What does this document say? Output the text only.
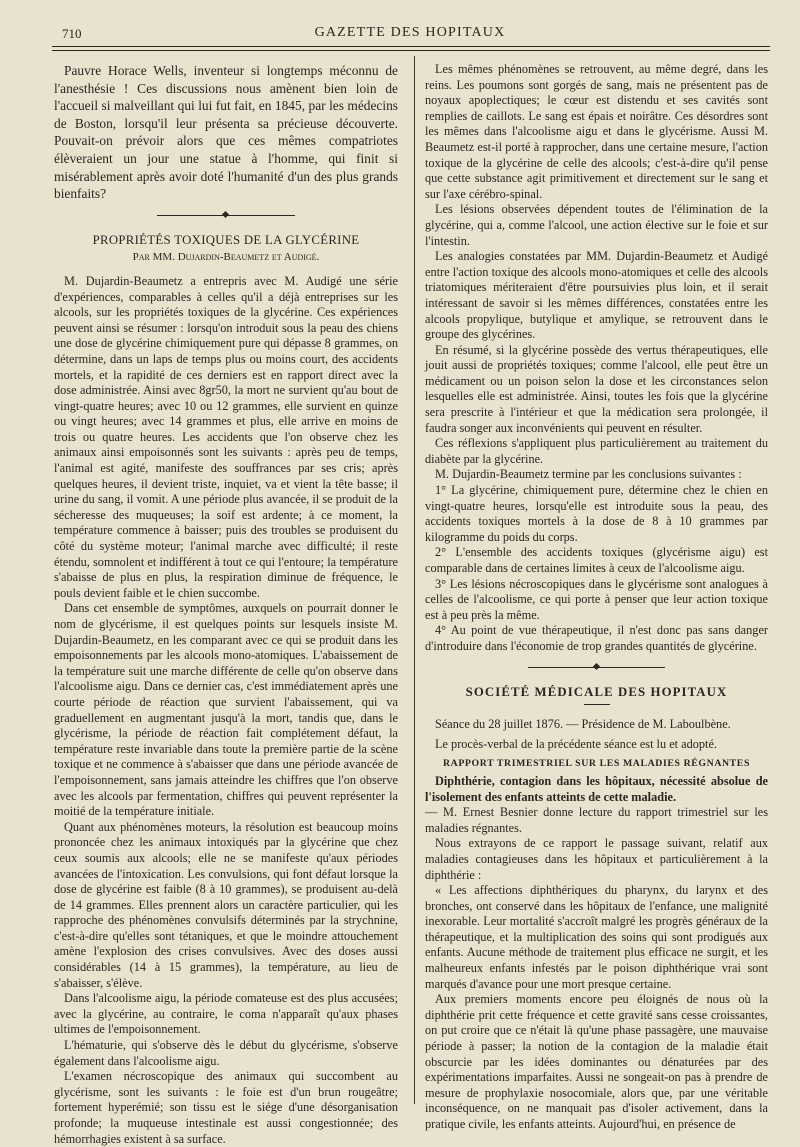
710	GAZETTE DES HOPITAUX

Pauvre Horace Wells, inventeur si longtemps méconnu de l'anesthésie ! Ces discussions nous amènent bien loin de l'accueil si malveillant qui lui fut fait, en 1845, par les médecins de Boston, lorsqu'il leur présenta sa précieuse découverte. Pouvait-on prévoir alors que ces mêmes compatriotes élèveraient un jour une statue à l'homme, qui finit si misérablement après avoir doté l'humanité d'un des plus grands bienfaits?

PROPRIÉTÉS TOXIQUES DE LA GLYCÉRINE
Par MM. Dujardin-Beaumetz et Audigé.

M. Dujardin-Beaumetz a entrepris avec M. Audigé une série d'expériences, comparables à celles qu'il a déjà entreprises sur les alcools, sur les propriétés toxiques de la glycérine. Ces expériences peuvent ainsi se résumer : lorsqu'on introduit sous la peau des chiens une dose de glycérine chimiquement pure qui dépasse 8 grammes, on détermine, dans un laps de temps plus ou moins court, des accidents mortels, et la rapidité de ces derniers est en rapport direct avec la dose administrée. Ainsi avec 8gr50, la mort ne survient qu'au bout de vingt-quatre heures; avec 10 ou 12 grammes, elle survient en quinze ou vingt heures; avec 14 grammes et plus, elle arrive en moins de trois ou quatre heures. Les accidents que l'on observe chez les animaux ainsi empoisonnés sont les suivants : après peu de temps, l'animal est agité, manifeste des souffrances par ses cris; après quelques heures, il devient triste, inquiet, va et vient la tête basse; il urine du sang, il vomit. A une période plus avancée, il se produit de la sécheresse des muqueuses; la soif est ardente; à ce moment, la température commence à baisser; puis des troubles se produisent du côté du système moteur; l'animal marche avec difficulté; il reste étendu, somnolent et indifférent à tout ce qui l'entoure; la température s'abaisse de plus en plus, la respiration diminue de fréquence, le pouls devient faible et le chien succombe.

Dans cet ensemble de symptômes, auxquels on pourrait donner le nom de glycérisme, il est quelques points sur lesquels insiste M. Dujardin-Beaumetz, en les comparant avec ce qui se produit dans les empoisonnements par les alcools mono-atomiques. L'abaissement de la température suit une marche différente de celle qu'on observe dans l'alcoolisme aigu. Dans ce dernier cas, c'est immédiatement après une courte période de réaction que survient l'abaissement, qui va graduellement en augmentant jusqu'à la mort, tandis que, dans le glycérisme, la période de réaction fait complétement défaut, la température reste invariable dans toute la première partie de la scène toxique et ne commence à s'abaisser que dans une période avancée de l'empoisonnement, sans jamais atteindre les chiffres que l'on observe avec les alcools par fermentation, chiffres qui peuvent représenter la moitié de la température initiale.

Quant aux phénomènes moteurs, la résolution est beaucoup moins prononcée chez les animaux intoxiqués par la glycérine que chez ceux soumis aux alcools; elle ne se manifeste qu'aux périodes avancées de l'intoxication. Les convulsions, qui font défaut lorsque la dose de glycérine est faible (8 à 10 grammes), se produisent au-delà de 14 grammes. Elles prennent alors un caractère particulier, qui les rapproche des phénomènes convulsifs déterminés par la strychnine, c'est-à-dire qu'elles sont tétaniques, et que le moindre attouchement amène l'explosion des crises convulsives. Avec des doses aussi considérables (14 à 15 grammes), la température, au lieu de s'abaisser, s'élève.

Dans l'alcoolisme aigu, la période comateuse est des plus accusées; avec la glycérine, au contraire, le coma n'apparaît qu'aux phases ultimes de l'empoisonnement.

L'hématurie, qui s'observe dès le début du glycérisme, s'observe également dans l'alcoolisme aigu.

L'examen nécroscopique des animaux qui succombent au glycérisme, sont les suivants : le foie est d'un brun rougeâtre; fortement hyperémié; son tissu est le siége d'une désorganisation profonde; la muqueuse intestinale est aussi congestionnée; des hémorrhagies existent à sa surface.

Les mêmes phénomènes se retrouvent, au même degré, dans les reins. Les poumons sont gorgés de sang, mais ne présentent pas de noyaux apoplectiques; le cœur est distendu et ses cavités sont remplies de caillots. Le sang est épais et noirâtre. Ces désordres sont les mêmes dans l'alcoolisme aigu et dans le glycérisme. Aussi M. Beaumetz est-il porté à rapprocher, dans une certaine mesure, l'action toxique de la glycérine de celle des alcools; c'est-à-dire qu'il pense que cette substance agit primitivement et directement sur le sang et sur l'axe cérébro-spinal.

Les lésions observées dépendent toutes de l'élimination de la glycérine, qui a, comme l'alcool, une action élective sur le foie et sur l'intestin.

Les analogies constatées par MM. Dujardin-Beaumetz et Audigé entre l'action toxique des alcools mono-atomiques et celle des alcools triatomiques mériteraient d'être poursuivies plus loin, et il serait intéressant de savoir si les mêmes différences, constatées entre les alcools propylique, butylique et amylique, se retrouvent dans le groupe des glycérines.

En résumé, si la glycérine possède des vertus thérapeutiques, elle jouit aussi de propriétés toxiques; comme l'alcool, elle peut être un médicament ou un poison selon la dose et les circonstances selon lesquelles elle est administrée. Ainsi, toutes les fois que la glycérine sera prescrite à l'intérieur et que la médication sera prolongée, il faudra songer aux inconvénients qui peuvent en résulter.

Ces réflexions s'appliquent plus particulièrement au traitement du diabète par la glycérine.

M. Dujardin-Beaumetz termine par les conclusions suivantes :

1° La glycérine, chimiquement pure, détermine chez le chien en vingt-quatre heures, lorsqu'elle est introduite sous la peau, des accidents toxiques mortels à la dose de 8 à 10 grammes par kilogramme du poids du corps.

2° L'ensemble des accidents toxiques (glycérisme aigu) est comparable dans de certaines limites à ceux de l'alcoolisme aigu.

3° Les lésions nécroscopiques dans le glycérisme sont analogues à celles de l'alcoolisme, ce qui porte à penser que leur action toxique est à peu près la même.

4° Au point de vue thérapeutique, il n'est donc pas sans danger d'introduire dans l'économie de trop grandes quantités de glycérine.

SOCIÉTÉ MÉDICALE DES HOPITAUX

Séance du 28 juillet 1876. — Présidence de M. Laboulbène.

Le procès-verbal de la précédente séance est lu et adopté.

RAPPORT TRIMESTRIEL SUR LES MALADIES RÉGNANTES

Diphthérie, contagion dans les hôpitaux, nécessité absolue de l'isolement des enfants atteints de cette maladie.

— M. Ernest Besnier donne lecture du rapport trimestriel sur les maladies régnantes.

Nous extrayons de ce rapport le passage suivant, relatif aux maladies contagieuses dans les hôpitaux et particulièrement à la diphthérie :

« Les affections diphthériques du pharynx, du larynx et des bronches, ont conservé dans les hôpitaux de l'enfance, une malignité inexorable. Leur mortalité s'accroît malgré les progrès généraux de la thérapeutique, et la multiplication des soins qui sont prodigués aux enfants. Aucune méthode de traitement plus efficace ne surgit, et les malheureux enfants infestés par le poison diphthérique vrai sont marqués d'avance pour une mort presque certaine.

Aux premiers moments encore peu éloignés de nous où la diphthérie prit cette fréquence et cette gravité sans cesse croissantes, on put croire que ce n'était là qu'une phase passagère, une mauvaise période à passer; la notion de la contagion de la maladie était obscurcie par les idées dominantes ou dénaturées par des expérimentations imparfaites. Aussi ne songeait-on pas à prendre de mesure de prophylaxie nosocomiale, alors que, par une véritable inconséquence, on ne manquait pas d'isoler activement, dans la pratique civile, les enfants atteints. Aujourd'hui, en présence de
